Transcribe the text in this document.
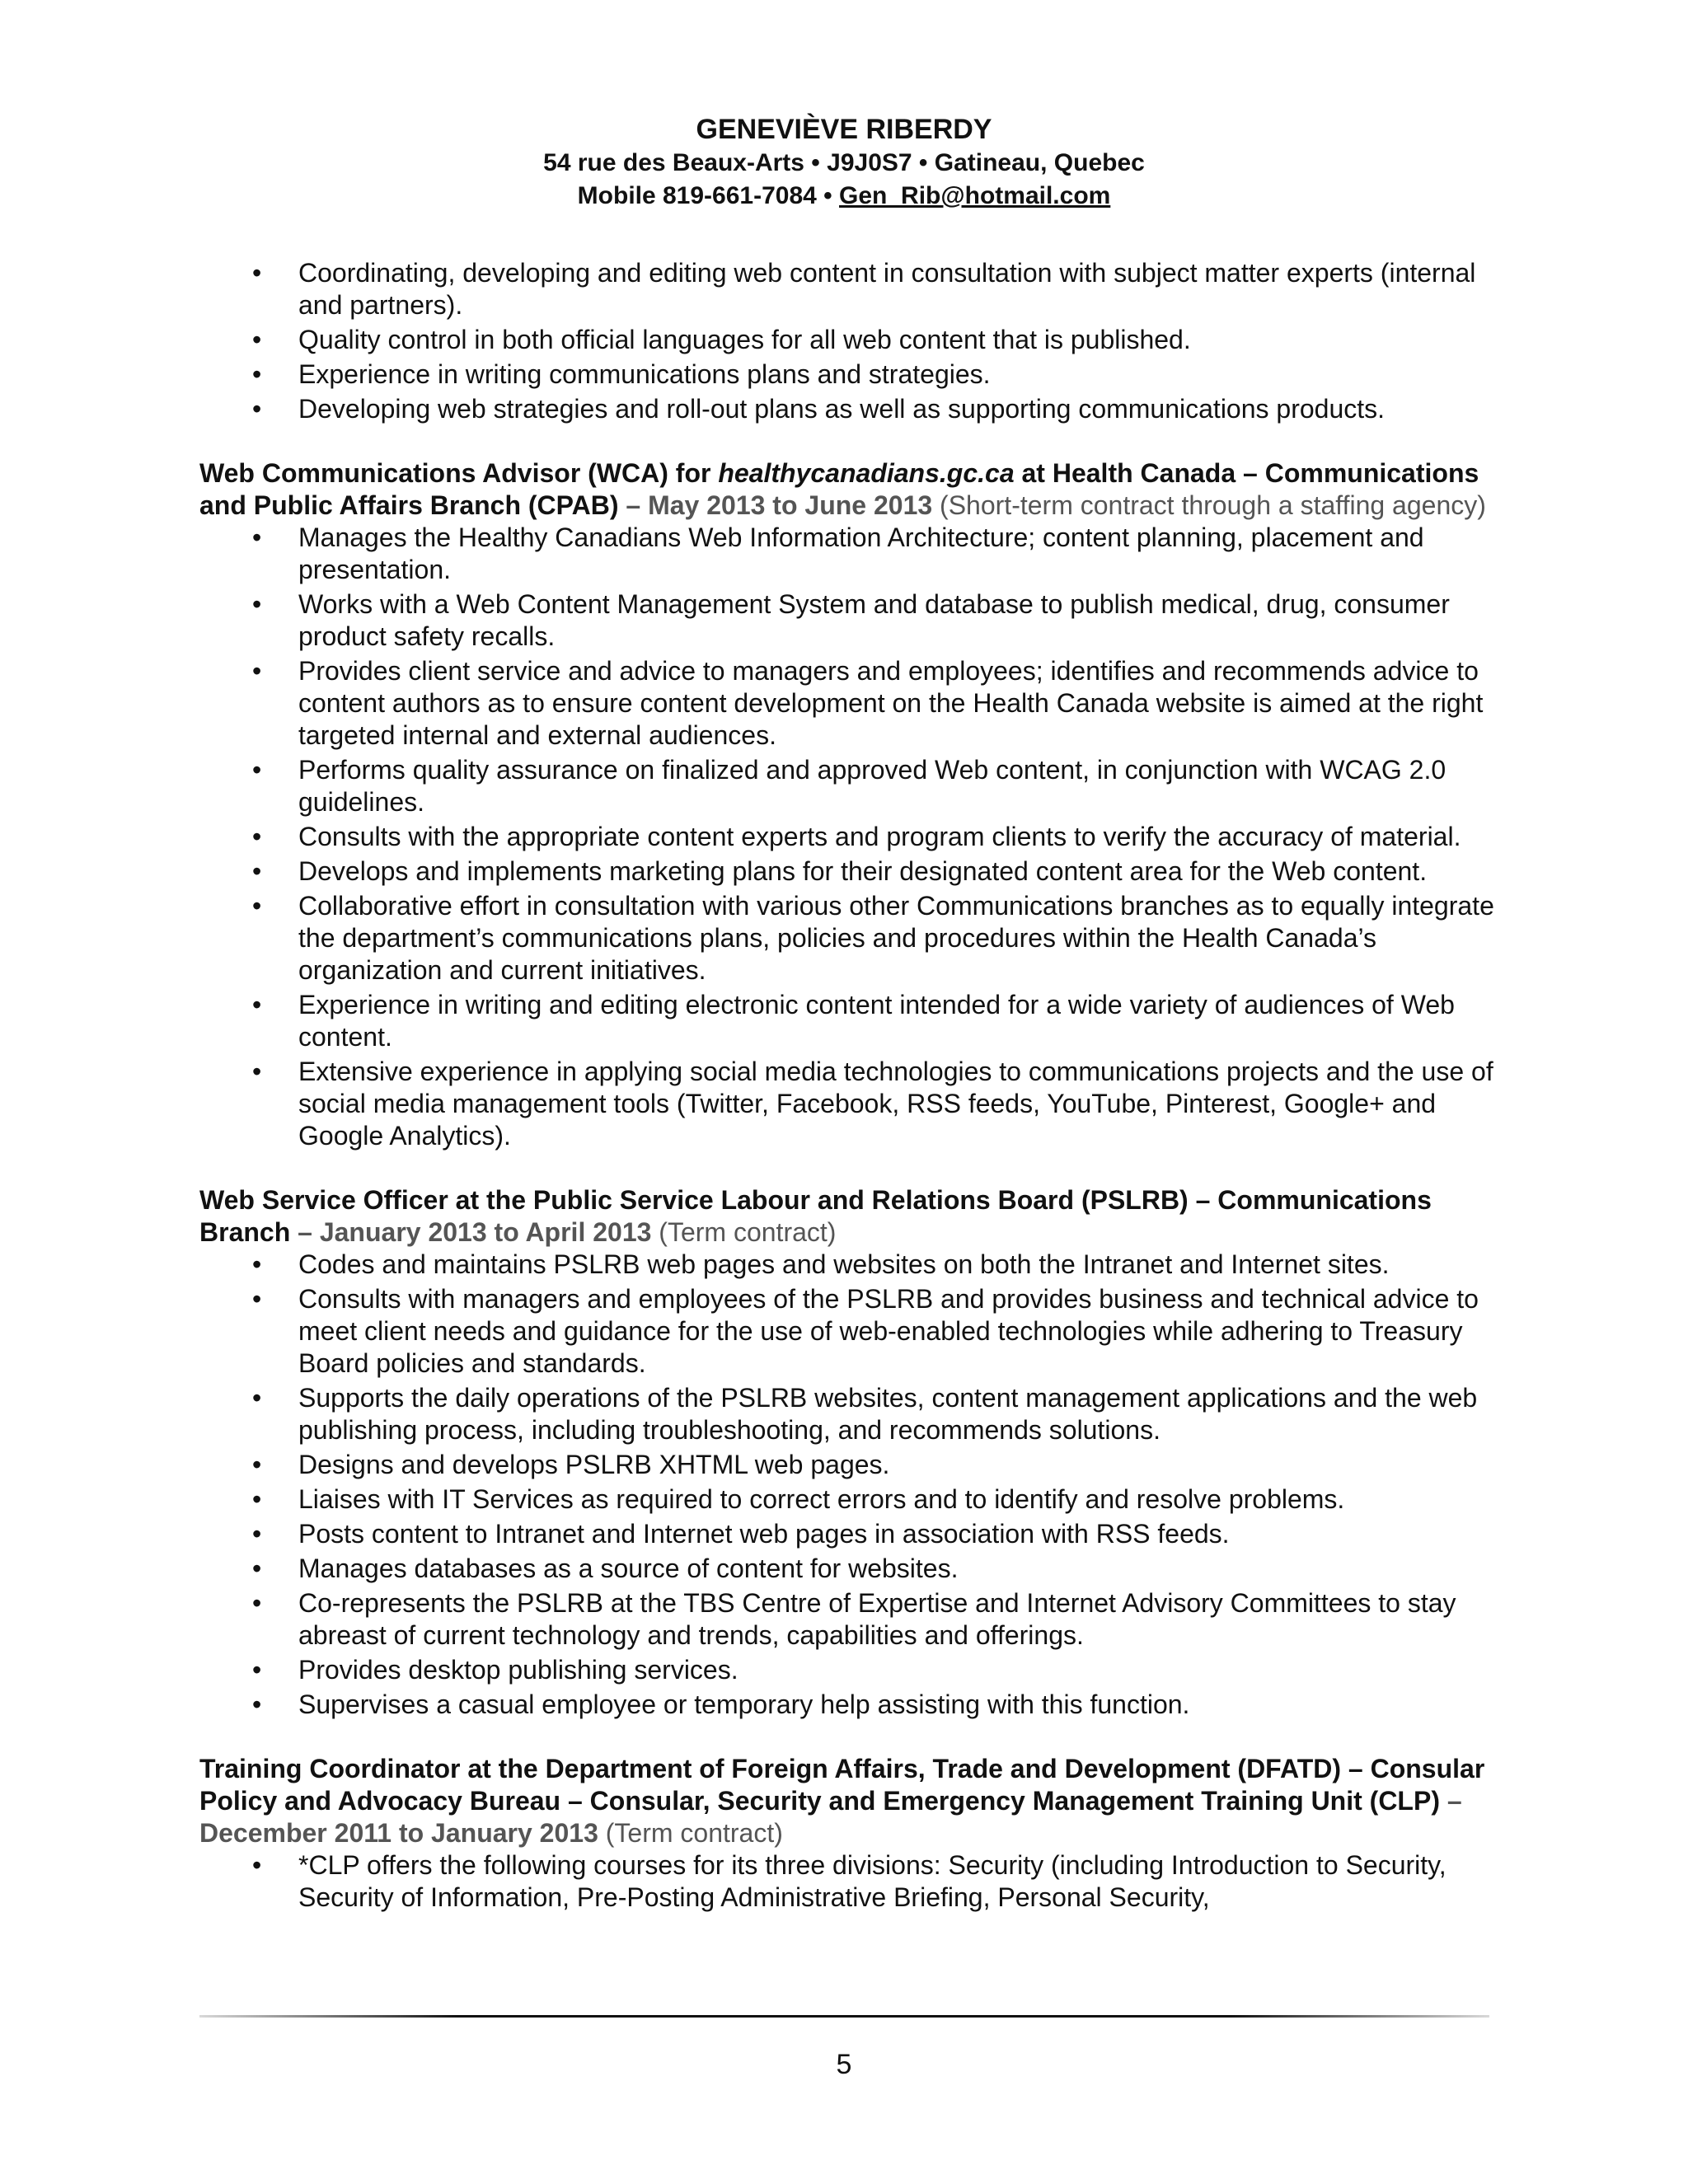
GENEVIÈVE RIBERDY
54 rue des Beaux-Arts • J9J0S7 • Gatineau, Quebec
Mobile 819-661-7084 • Gen_Rib@hotmail.com
• Coordinating, developing and editing web content in consultation with subject matter experts (internal and partners).
• Quality control in both official languages for all web content that is published.
• Experience in writing communications plans and strategies.
• Developing web strategies and roll-out plans as well as supporting communications products.
Web Communications Advisor (WCA) for healthycanadians.gc.ca at Health Canada – Communications and Public Affairs Branch (CPAB) – May 2013 to June 2013 (Short-term contract through a staffing agency)
• Manages the Healthy Canadians Web Information Architecture; content planning, placement and presentation.
• Works with a Web Content Management System and database to publish medical, drug, consumer product safety recalls.
• Provides client service and advice to managers and employees; identifies and recommends advice to content authors as to ensure content development on the Health Canada website is aimed at the right targeted internal and external audiences.
• Performs quality assurance on finalized and approved Web content, in conjunction with WCAG 2.0 guidelines.
• Consults with the appropriate content experts and program clients to verify the accuracy of material.
• Develops and implements marketing plans for their designated content area for the Web content.
• Collaborative effort in consultation with various other Communications branches as to equally integrate the department’s communications plans, policies and procedures within the Health Canada’s organization and current initiatives.
• Experience in writing and editing electronic content intended for a wide variety of audiences of Web content.
• Extensive experience in applying social media technologies to communications projects and the use of social media management tools (Twitter, Facebook, RSS feeds, YouTube, Pinterest, Google+ and Google Analytics).
Web Service Officer at the Public Service Labour and Relations Board (PSLRB) – Communications Branch – January 2013 to April 2013 (Term contract)
• Codes and maintains PSLRB web pages and websites on both the Intranet and Internet sites.
• Consults with managers and employees of the PSLRB and provides business and technical advice to meet client needs and guidance for the use of web-enabled technologies while adhering to Treasury Board policies and standards.
• Supports the daily operations of the PSLRB websites, content management applications and the web publishing process, including troubleshooting, and recommends solutions.
• Designs and develops PSLRB XHTML web pages.
• Liaises with IT Services as required to correct errors and to identify and resolve problems.
• Posts content to Intranet and Internet web pages in association with RSS feeds.
• Manages databases as a source of content for websites.
• Co-represents the PSLRB at the TBS Centre of Expertise and Internet Advisory Committees to stay abreast of current technology and trends, capabilities and offerings.
• Provides desktop publishing services.
• Supervises a casual employee or temporary help assisting with this function.
Training Coordinator at the Department of Foreign Affairs, Trade and Development (DFATD) – Consular Policy and Advocacy Bureau – Consular, Security and Emergency Management Training Unit (CLP) – December 2011 to January 2013 (Term contract)
• *CLP offers the following courses for its three divisions: Security (including Introduction to Security, Security of Information, Pre-Posting Administrative Briefing, Personal Security,
5
